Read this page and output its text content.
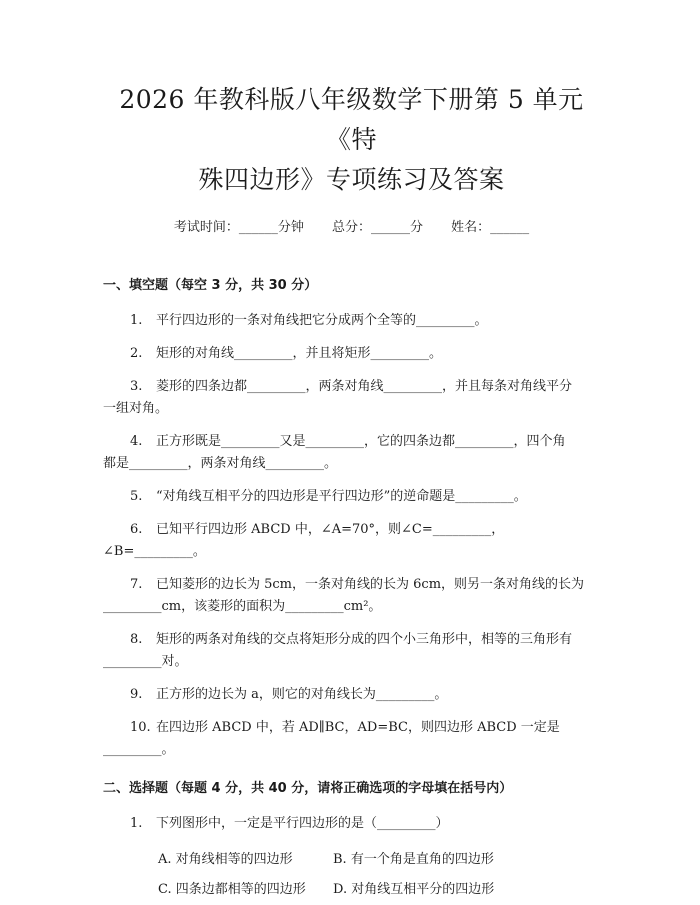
2026 年教科版八年级数学下册第 5 单元《特
殊四边形》专项练习及答案
考试时间：______分钟 总分：______分 姓名：______
一、填空题（每空 3 分，共 30 分）
1. 平行四边形的一条对角线把它分成两个全等的_________。
2. 矩形的对角线_________，并且将矩形_________。
3. 菱形的四条边都_________，两条对角线_________，并且每条对角线平分
一组对角。
4. 正方形既是_________又是_________，它的四条边都_________，四个角
都是_________，两条对角线_________。
5. “对角线互相平分的四边形是平行四边形”的逆命题是_________。
6. 已知平行四边形 ABCD 中，∠A=70°，则∠C=_________，
∠B=_________。
7. 已知菱形的边长为 5cm，一条对角线的长为 6cm，则另一条对角线的长为
_________cm，该菱形的面积为_________cm²。
8. 矩形的两条对角线的交点将矩形分成的四个小三角形中，相等的三角形有
_________对。
9. 正方形的边长为 a，则它的对角线长为_________。
10. 在四边形 ABCD 中，若 AD∥BC，AD=BC，则四边形 ABCD 一定是
_________。
二、选择题（每题 4 分，共 40 分，请将正确选项的字母填在括号内）
1. 下列图形中，一定是平行四边形的是（_________）
A. 对角线相等的四边形	B. 有一个角是直角的四边形
C. 四条边都相等的四边形 D. 对角线互相平分的四边形
